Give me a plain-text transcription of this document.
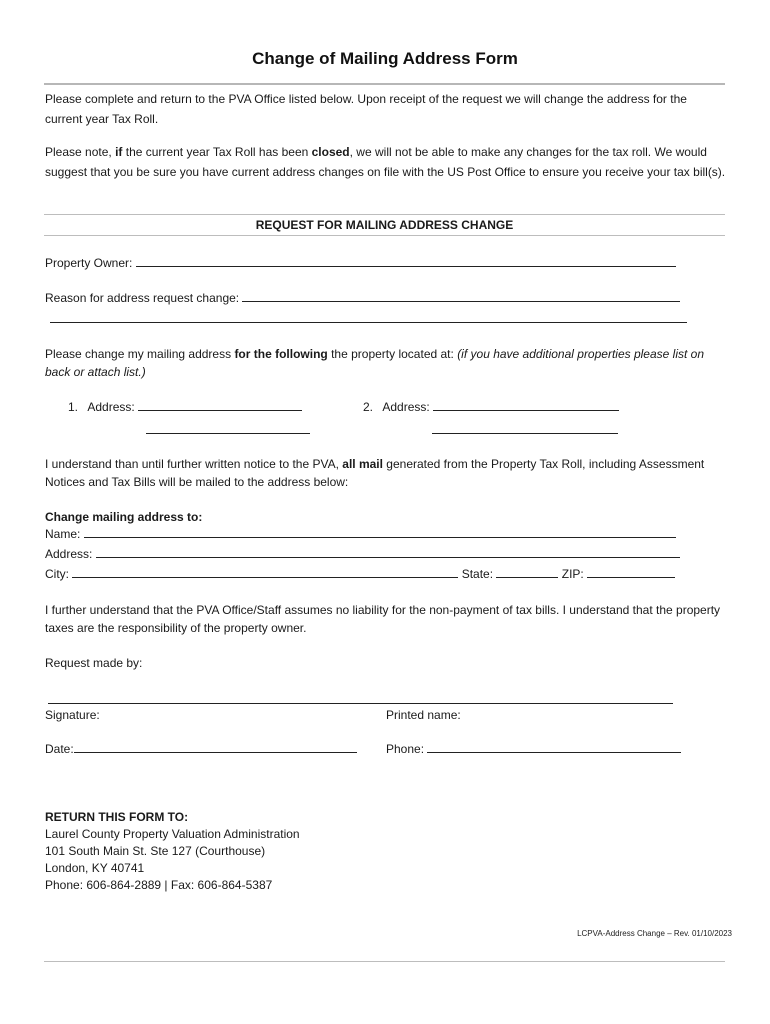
Change of Mailing Address Form
Please complete and return to the PVA Office listed below. Upon receipt of the request we will change the address for the current year Tax Roll.
Please note, if the current year Tax Roll has been closed, we will not be able to make any changes for the tax roll. We would suggest that you be sure you have current address changes on file with the US Post Office to ensure you receive your tax bill(s).
REQUEST FOR MAILING ADDRESS CHANGE
Property Owner:
Reason for address request change:
Please change my mailing address for the following the property located at: (if you have additional properties please list on back or attach list.)
1. Address:	2. Address:
I understand than until further written notice to the PVA, all mail generated from the Property Tax Roll, including Assessment Notices and Tax Bills will be mailed to the address below:
Change mailing address to:
Name:
Address:
City:	State:	ZIP:
I further understand that the PVA Office/Staff assumes no liability for the non-payment of tax bills. I understand that the property taxes are the responsibility of the property owner.
Request made by:
Signature:	Printed name:
Date:	Phone:
RETURN THIS FORM TO:
Laurel County Property Valuation Administration
101 South Main St. Ste 127 (Courthouse)
London, KY 40741
Phone: 606-864-2889 | Fax: 606-864-5387
LCPVA-Address Change – Rev. 01/10/2023
